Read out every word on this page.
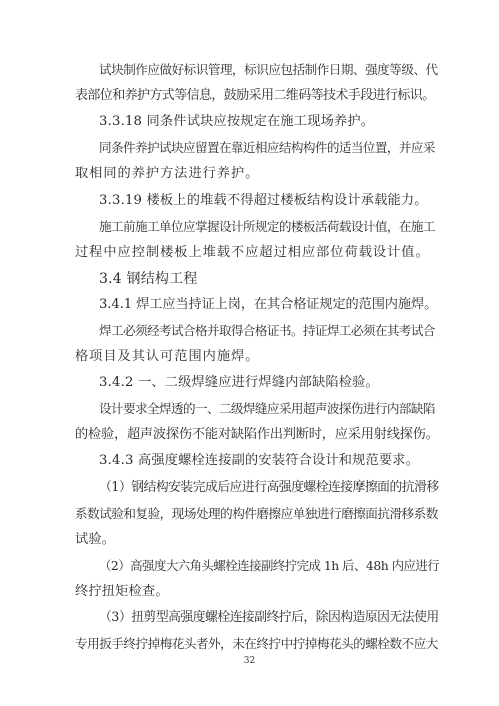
试块制作应做好标识管理，标识应包括制作日期、强度等级、代
表部位和养护方式等信息，鼓励采用二维码等技术手段进行标识。
3.3.18 同条件试块应按规定在施工现场养护。
同条件养护试块应留置在靠近相应结构构件的适当位置，并应采
取相同的养护方法进行养护。
3.3.19 楼板上的堆载不得超过楼板结构设计承载能力。
施工前施工单位应掌握设计所规定的楼板活荷载设计值，在施工
过程中应控制楼板上堆载不应超过相应部位荷载设计值。
3.4 钢结构工程
3.4.1 焊工应当持证上岗，在其合格证规定的范围内施焊。
焊工必须经考试合格并取得合格证书。持证焊工必须在其考试合
格项目及其认可范围内施焊。
3.4.2 一、二级焊缝应进行焊缝内部缺陷检验。
设计要求全焊透的一、二级焊缝应采用超声波探伤进行内部缺陷
的检验，超声波探伤不能对缺陷作出判断时，应采用射线探伤。
3.4.3 高强度螺栓连接副的安装符合设计和规范要求。
（1）钢结构安装完成后应进行高强度螺栓连接摩擦面的抗滑移
系数试验和复验，现场处理的构件磨擦应单独进行磨擦面抗滑移系数
试验。
（2）高强度大六角头螺栓连接副终拧完成 1h 后、48h 内应进行
终拧扭矩检查。
（3）扭剪型高强度螺栓连接副终拧后，除因构造原因无法使用
专用扳手终拧掉梅花头者外，未在终拧中拧掉梅花头的螺栓数不应大
32
